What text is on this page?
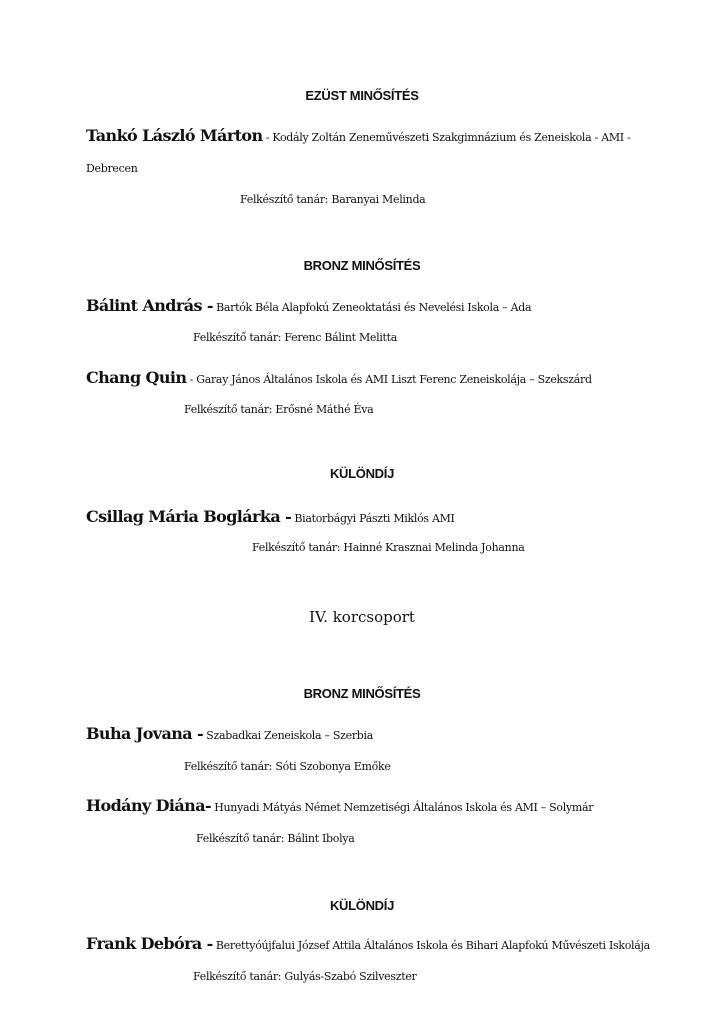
EZÜST MINŐSÍTÉS
Tankó László Márton - Kodály Zoltán Zeneművészeti Szakgimnázium és Zeneiskola - AMI -
Debrecen
Felkészítő tanár: Baranyai Melinda
BRONZ MINŐSÍTÉS
Bálint András - Bartók Béla Alapfokú Zeneoktatási és Nevelési Iskola – Ada
Felkészítő tanár: Ferenc Bálint Melitta
Chang Quin - Garay János Általános Iskola és AMI Liszt Ferenc Zeneiskolája – Szekszárd
Felkészítő tanár: Erősné Máthé Éva
KÜLÖNDÍJ
Csillag Mária Boglárka - Biatorbágyi Pászti Miklós AMI
Felkészítő tanár: Hainné Krasznai Melinda Johanna
IV. korcsoport
BRONZ MINŐSÍTÉS
Buha Jovana - Szabadkai Zeneiskola – Szerbia
Felkészítő tanár: Sóti Szobonya Emőke
Hodány Diána- Hunyadi Mátyás Német Nemzetiségi Általános Iskola és AMI – Solymár
Felkészítő tanár: Bálint Ibolya
KÜLÖNDÍJ
Frank Debóra - Berettyóújfalui József Attila Általános Iskola és Bihari Alapfokú Művészeti Iskolája
Felkészítő tanár: Gulyás-Szabó Szilveszter
